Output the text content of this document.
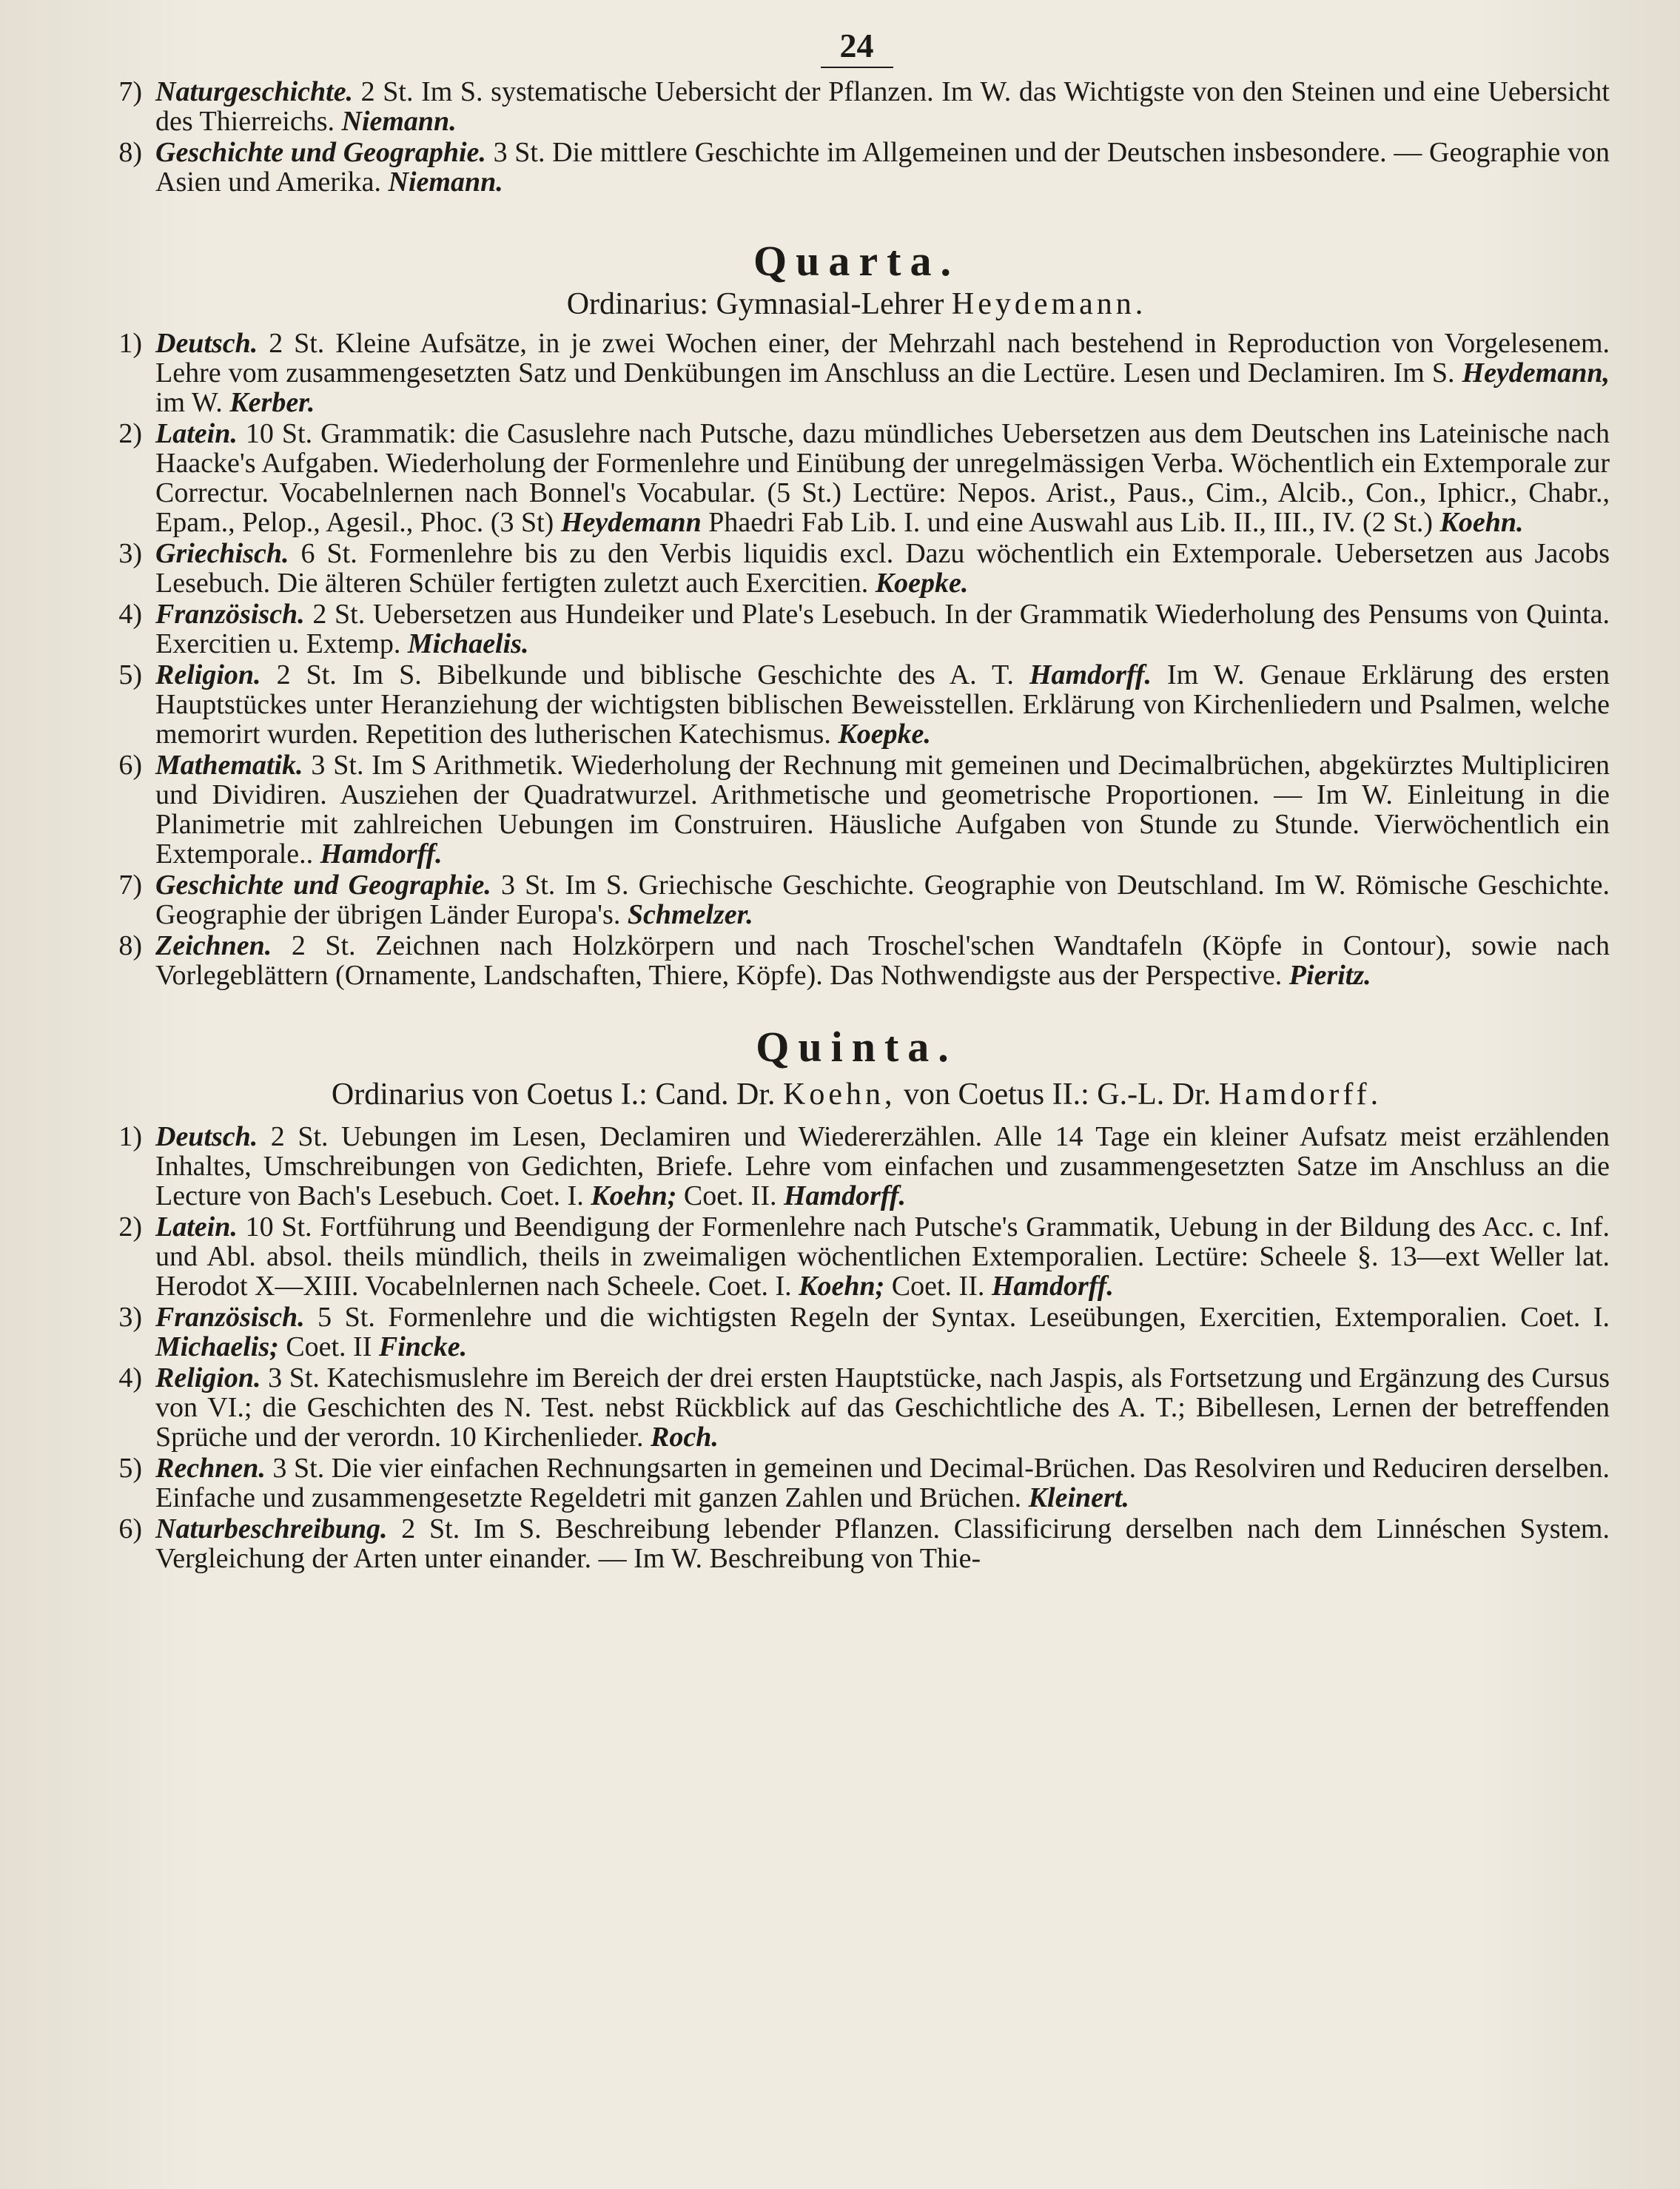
24
7) Naturgeschichte. 2 St. Im S. systematische Uebersicht der Pflanzen. Im W. das Wichtigste von den Steinen und eine Uebersicht des Thierreichs. Niemann.
8) Geschichte und Geographie. 3 St. Die mittlere Geschichte im Allgemeinen und der Deutschen insbesondere. — Geographie von Asien und Amerika. Niemann.
Quarta.
Ordinarius: Gymnasial-Lehrer Heydemann.
1) Deutsch. 2 St. Kleine Aufsätze, in je zwei Wochen einer, der Mehrzahl nach bestehend in Reproduction von Vorgelesenem. Lehre vom zusammengesetzten Satz und Denkübungen im Anschluss an die Lectüre. Lesen und Declamiren. Im S. Heydemann, im W. Kerber.
2) Latein. 10 St. Grammatik: die Casuslehre nach Putsche, dazu mündliches Uebersetzen aus dem Deutschen ins Lateinische nach Haacke's Aufgaben. Wiederholung der Formenlehre und Einübung der unregelmässigen Verba. Wöchentlich ein Extemporale zur Correctur. Vocabelnlernen nach Bonnel's Vocabular. (5 St.) Lectüre: Nepos. Arist., Paus., Cim., Alcib., Con., Iphicr., Chabr., Epam., Pelop., Agesil., Phoc. (3 St) Heydemann Phaedri Fab Lib. I. und eine Auswahl aus Lib. II., III., IV. (2 St.) Koehn.
3) Griechisch. 6 St. Formenlehre bis zu den Verbis liquidis excl. Dazu wöchentlich ein Extemporale. Uebersetzen aus Jacobs Lesebuch. Die älteren Schüler fertigten zuletzt auch Exercitien. Koepke.
4) Französisch. 2 St. Uebersetzen aus Hundeiker und Plate's Lesebuch. In der Grammatik Wiederholung des Pensums von Quinta. Exercitien u. Extemp. Michaelis.
5) Religion. 2 St. Im S. Bibelkunde und biblische Geschichte des A. T. Hamdorff. Im W. Genaue Erklärung des ersten Hauptstückes unter Heranziehung der wichtigsten biblischen Beweisstellen. Erklärung von Kirchenliedern und Psalmen, welche memorirt wurden. Repetition des lutherischen Katechismus. Koepke.
6) Mathematik. 3 St. Im S Arithmetik. Wiederholung der Rechnung mit gemeinen und Decimalbrüchen, abgekürztes Multipliciren und Dividiren. Ausziehen der Quadratwurzel. Arithmetische und geometrische Proportionen. — Im W. Einleitung in die Planimetrie mit zahlreichen Uebungen im Construiren. Häusliche Aufgaben von Stunde zu Stunde. Vierwöchentlich ein Extemporale.. Hamdorff.
7) Geschichte und Geographie. 3 St. Im S. Griechische Geschichte. Geographie von Deutschland. Im W. Römische Geschichte. Geographie der übrigen Länder Europa's. Schmelzer.
8) Zeichnen. 2 St. Zeichnen nach Holzkörpern und nach Troschel'schen Wandtafeln (Köpfe in Contour), sowie nach Vorlegeblättern (Ornamente, Landschaften, Thiere, Köpfe). Das Nothwendigste aus der Perspective. Pieritz.
Quinta.
Ordinarius von Coetus I.: Cand. Dr. Koehn, von Coetus II.: G.-L. Dr. Hamdorff.
1) Deutsch. 2 St. Uebungen im Lesen, Declamiren und Wiedererzählen. Alle 14 Tage ein kleiner Aufsatz meist erzählenden Inhaltes, Umschreibungen von Gedichten, Briefe. Lehre vom einfachen und zusammengesetzten Satze im Anschluss an die Lecture von Bach's Lesebuch. Coet. I. Koehn; Coet. II. Hamdorff.
2) Latein. 10 St. Fortführung und Beendigung der Formenlehre nach Putsche's Grammatik, Uebung in der Bildung des Acc. c. Inf. und Abl. absol. theils mündlich, theils in zweimaligen wöchentlichen Extemporalien. Lectüre: Scheele §. 13—ext Weller lat. Herodot X—XIII. Vocabelnlernen nach Scheele. Coet. I. Koehn; Coet. II. Hamdorff.
3) Französisch. 5 St. Formenlehre und die wichtigsten Regeln der Syntax. Leseübungen, Exercitien, Extemporalien. Coet. I. Michaelis; Coet. II Fincke.
4) Religion. 3 St. Katechismuslehre im Bereich der drei ersten Hauptstücke, nach Jaspis, als Fortsetzung und Ergänzung des Cursus von VI.; die Geschichten des N. Test. nebst Rückblick auf das Geschichtliche des A. T.; Bibellesen, Lernen der betreffenden Sprüche und der verordn. 10 Kirchenlieder. Roch.
5) Rechnen. 3 St. Die vier einfachen Rechnungsarten in gemeinen und Decimal-Brüchen. Das Resolviren und Reduciren derselben. Einfache und zusammengesetzte Regeldetri mit ganzen Zahlen und Brüchen. Kleinert.
6) Naturbeschreibung. 2 St. Im S. Beschreibung lebender Pflanzen. Classificirung derselben nach dem Linnéschen System. Vergleichung der Arten unter einander. — Im W. Beschreibung von Thie-
